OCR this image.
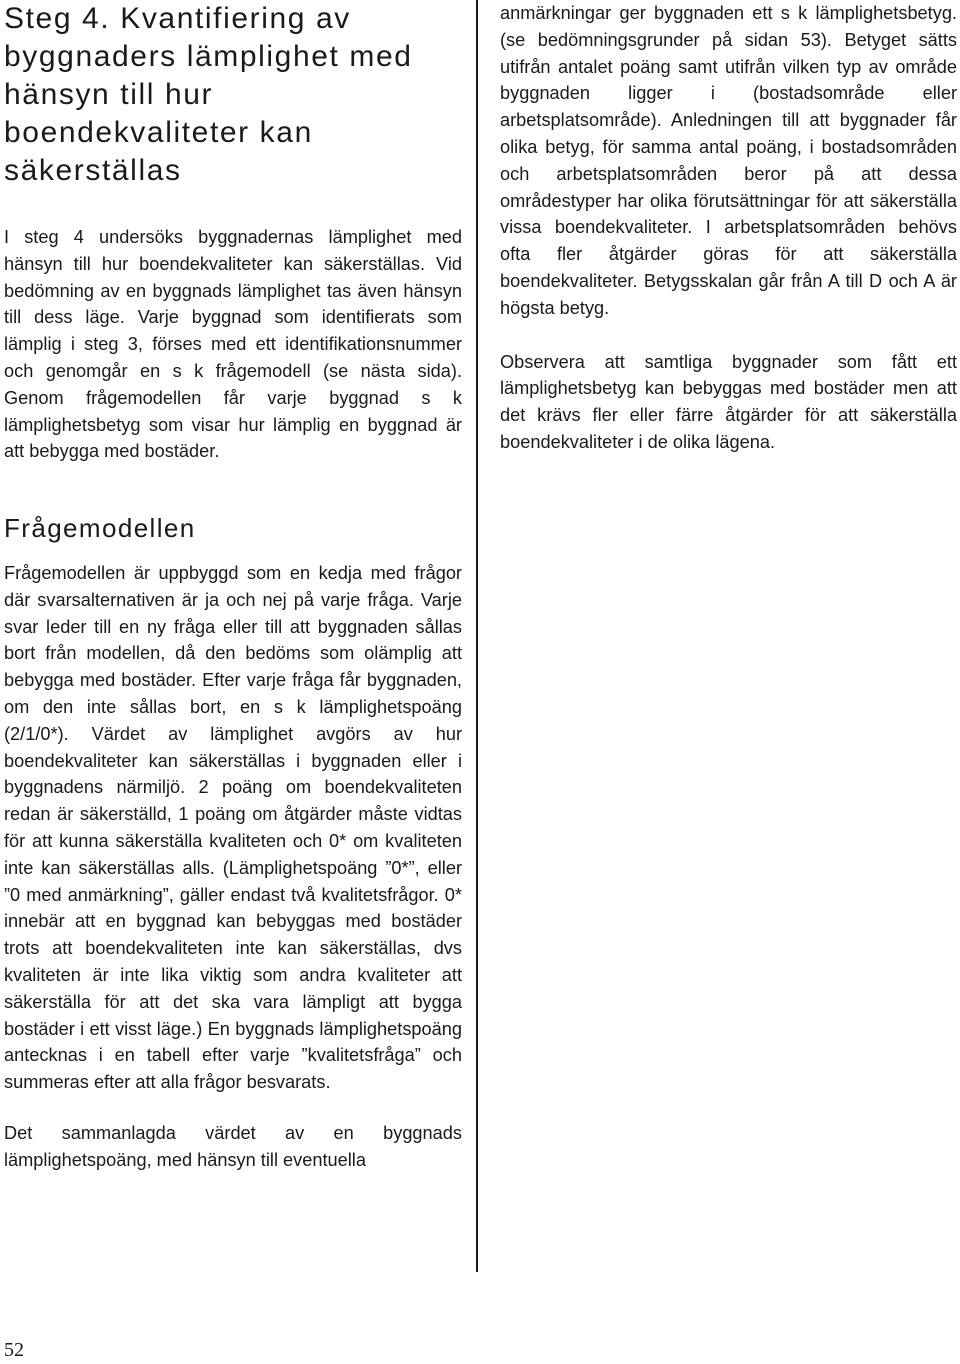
Steg 4. Kvantifiering av byggnaders lämplighet med hänsyn till hur boendekvaliteter kan säkerställas

I steg 4 undersöks byggnadernas lämplighet med hänsyn till hur boendekvaliteter kan säkerställas. Vid bedömning av en byggnads lämplighet tas även hänsyn till dess läge. Varje byggnad som identifierats som lämplig i steg 3, förses med ett identifikationsnummer och genomgår en s k frågemodell (se nästa sida). Genom frågemodellen får varje byggnad s k lämplighetsbetyg som visar hur lämplig en byggnad är att bebygga med bostäder.

Frågemodellen

Frågemodellen är uppbyggd som en kedja med frågor där svarsalternativen är ja och nej på varje fråga. Varje svar leder till en ny fråga eller till att byggnaden sållas bort från modellen, då den bedöms som olämplig att bebygga med bostäder. Efter varje fråga får byggnaden, om den inte sållas bort, en s k lämplighetspoäng (2/1/0*). Värdet av lämplighet avgörs av hur boendekvaliteter kan säkerställas i byggnaden eller i byggnadens närmiljö. 2 poäng om boendekvaliteten redan är säkerställd, 1 poäng om åtgärder måste vidtas för att kunna säkerställa kvaliteten och 0* om kvaliteten inte kan säkerställas alls. (Lämplighetspoäng ”0*”, eller ”0 med anmärkning”, gäller endast två kvalitetsfrågor. 0* innebär att en byggnad kan bebyggas med bostäder trots att boendekvaliteten inte kan säkerställas, dvs kvaliteten är inte lika viktig som andra kvaliteter att säkerställa för att det ska vara lämpligt att bygga bostäder i ett visst läge.) En byggnads lämplighetspoäng antecknas i en tabell efter varje ”kvalitetsfråga” och summeras efter att alla frågor besvarats.

Det sammanlagda värdet av en byggnads lämplighetspoäng, med hänsyn till eventuella

anmärkningar ger byggnaden ett s k lämplighetsbetyg. (se bedömningsgrunder på sidan 53). Betyget sätts utifrån antalet poäng samt utifrån vilken typ av område byggnaden ligger i (bostadsområde eller arbetsplatsområde). Anledningen till att byggnader får olika betyg, för samma antal poäng, i bostadsområden och arbetsplatsområden beror på att dessa områdestyper har olika förutsättningar för att säkerställa vissa boendekvaliteter. I arbetsplatsområden behövs ofta fler åtgärder göras för att säkerställa boendekvaliteter. Betygsskalan går från A till D och A är högsta betyg.

Observera att samtliga byggnader som fått ett lämplighetsbetyg kan bebyggas med bostäder men att det krävs fler eller färre åtgärder för att säkerställa boendekvaliteter i de olika lägena.

52
